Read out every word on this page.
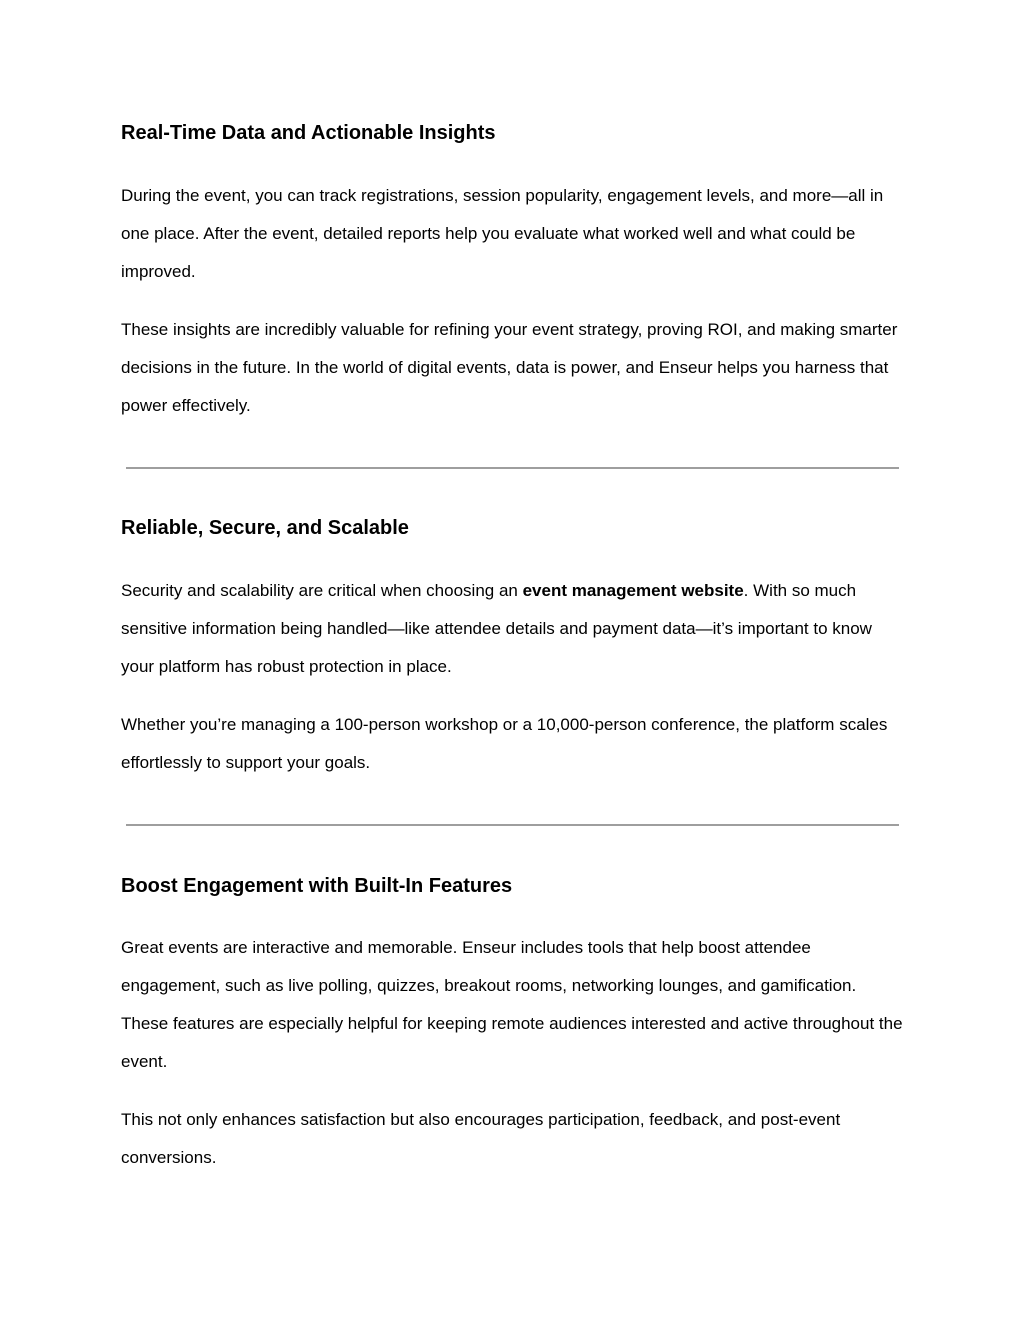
Real-Time Data and Actionable Insights

During the event, you can track registrations, session popularity, engagement levels, and more—all in one place. After the event, detailed reports help you evaluate what worked well and what could be improved.

These insights are incredibly valuable for refining your event strategy, proving ROI, and making smarter decisions in the future. In the world of digital events, data is power, and Enseur helps you harness that power effectively.

Reliable, Secure, and Scalable

Security and scalability are critical when choosing an event management website. With so much sensitive information being handled—like attendee details and payment data—it’s important to know your platform has robust protection in place.

Whether you’re managing a 100-person workshop or a 10,000-person conference, the platform scales effortlessly to support your goals.

Boost Engagement with Built-In Features

Great events are interactive and memorable. Enseur includes tools that help boost attendee engagement, such as live polling, quizzes, breakout rooms, networking lounges, and gamification. These features are especially helpful for keeping remote audiences interested and active throughout the event.

This not only enhances satisfaction but also encourages participation, feedback, and post-event conversions.
